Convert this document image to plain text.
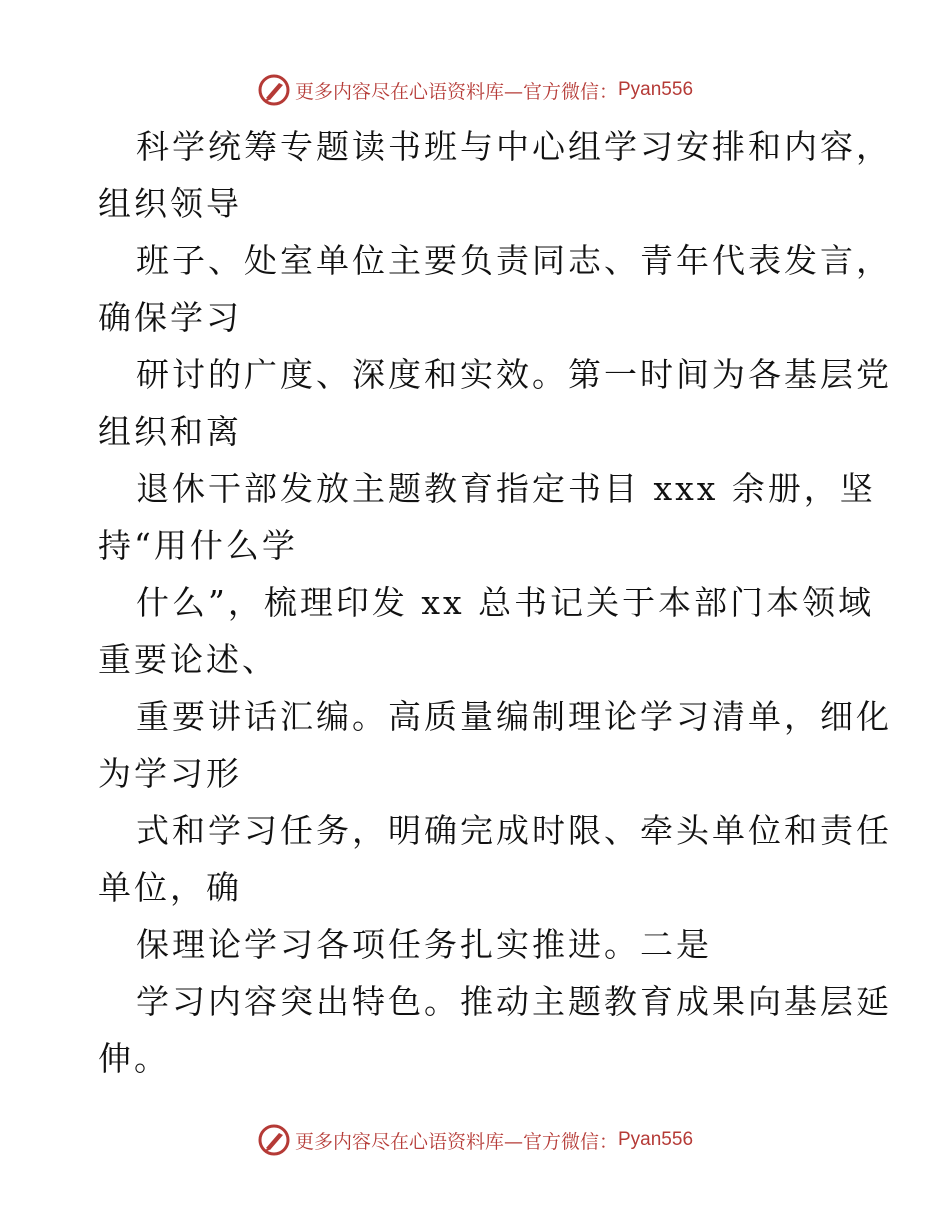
更多内容尽在心语资料库—官方微信： Pyan556
科学统筹专题读书班与中心组学习安排和内容，
组织领导
班子、处室单位主要负责同志、青年代表发言，
确保学习
研讨的广度、深度和实效。第一时间为各基层党
组织和离
退休干部发放主题教育指定书目 xxx 余册，坚
持“用什么学
什么”，梳理印发 xx 总书记关于本部门本领域
重要论述、
重要讲话汇编。高质量编制理论学习清单，细化
为学习形
式和学习任务，明确完成时限、牵头单位和责任
单位，确
保理论学习各项任务扎实推进。二是
学习内容突出特色。推动主题教育成果向基层延
伸。
更多内容尽在心语资料库—官方微信： Pyan556
